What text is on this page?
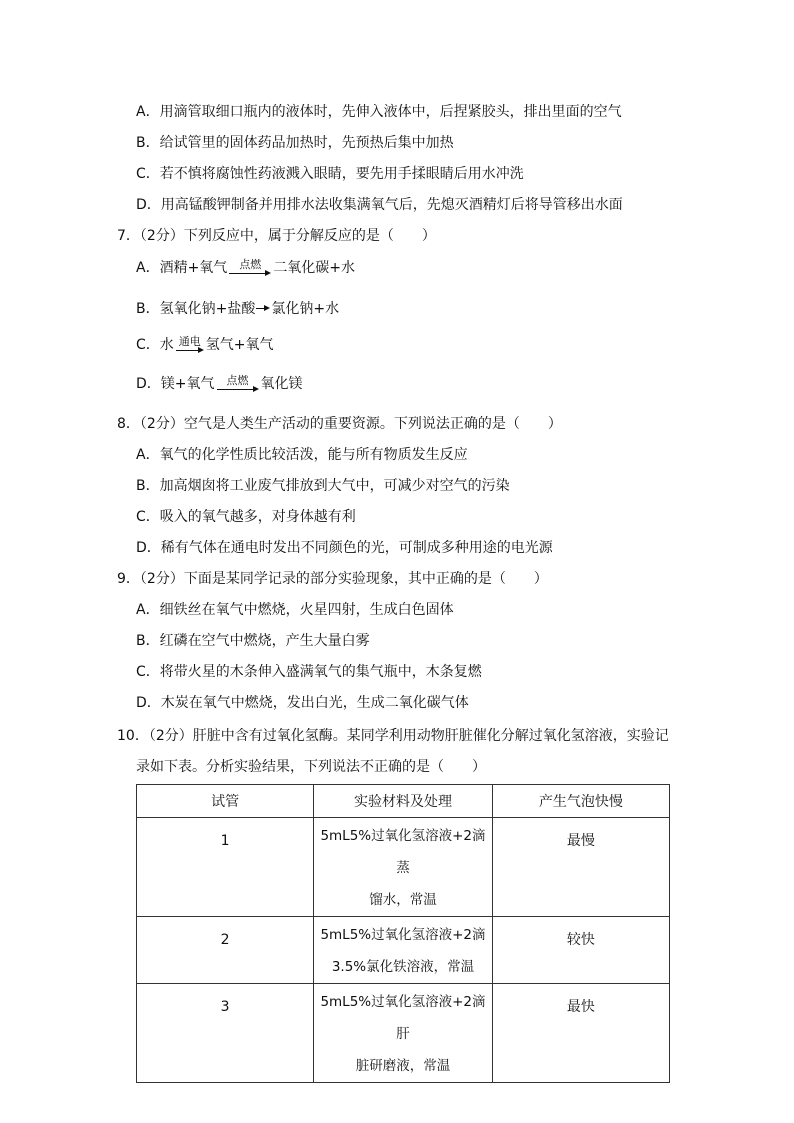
A．用滴管取细口瓶内的液体时，先伸入液体中，后捏紧胶头，排出里面的空气
B．给试管里的固体药品加热时，先预热后集中加热
C．若不慎将腐蚀性药液溅入眼睛，要先用手揉眼睛后用水冲洗
D．用高锰酸钾制备并用排水法收集满氧气后，先熄灭酒精灯后将导管移出水面
7．（2分）下列反应中，属于分解反应的是（　　）
A．酒精+氧气	点燃 二氧化碳+水
B．氢氧化钠+盐酸 氯化钠+水
C．水 通电 氢气+氧气
D．镁+氧气	点燃 氧化镁
8．（2分）空气是人类生产活动的重要资源。下列说法正确的是（　　）
A．氧气的化学性质比较活泼，能与所有物质发生反应
B．加高烟囱将工业废气排放到大气中，可减少对空气的污染
C．吸入的氧气越多，对身体越有利
D．稀有气体在通电时发出不同颜色的光，可制成多种用途的电光源
9．（2分）下面是某同学记录的部分实验现象，其中正确的是（　　）
A．细铁丝在氧气中燃烧，火星四射，生成白色固体
B．红磷在空气中燃烧，产生大量白雾
C．将带火星的木条伸入盛满氧气的集气瓶中，木条复燃
D．木炭在氧气中燃烧，发出白光，生成二氧化碳气体
10．（2分）肝脏中含有过氧化氢酶。某同学利用动物肝脏催化分解过氧化氢溶液，实验记
录如下表。分析实验结果，下列说法不正确的是（　　）
试管	实验材料及处理	产生气泡快慢

1	5mL5%过氧化氢溶液+2滴蒸
馏水，常温	最慢

2	5mL5%过氧化氢溶液+2滴
3.5%氯化铁溶液，常温	较快

3	5mL5%过氧化氢溶液+2滴肝
脏研磨液，常温	最快
